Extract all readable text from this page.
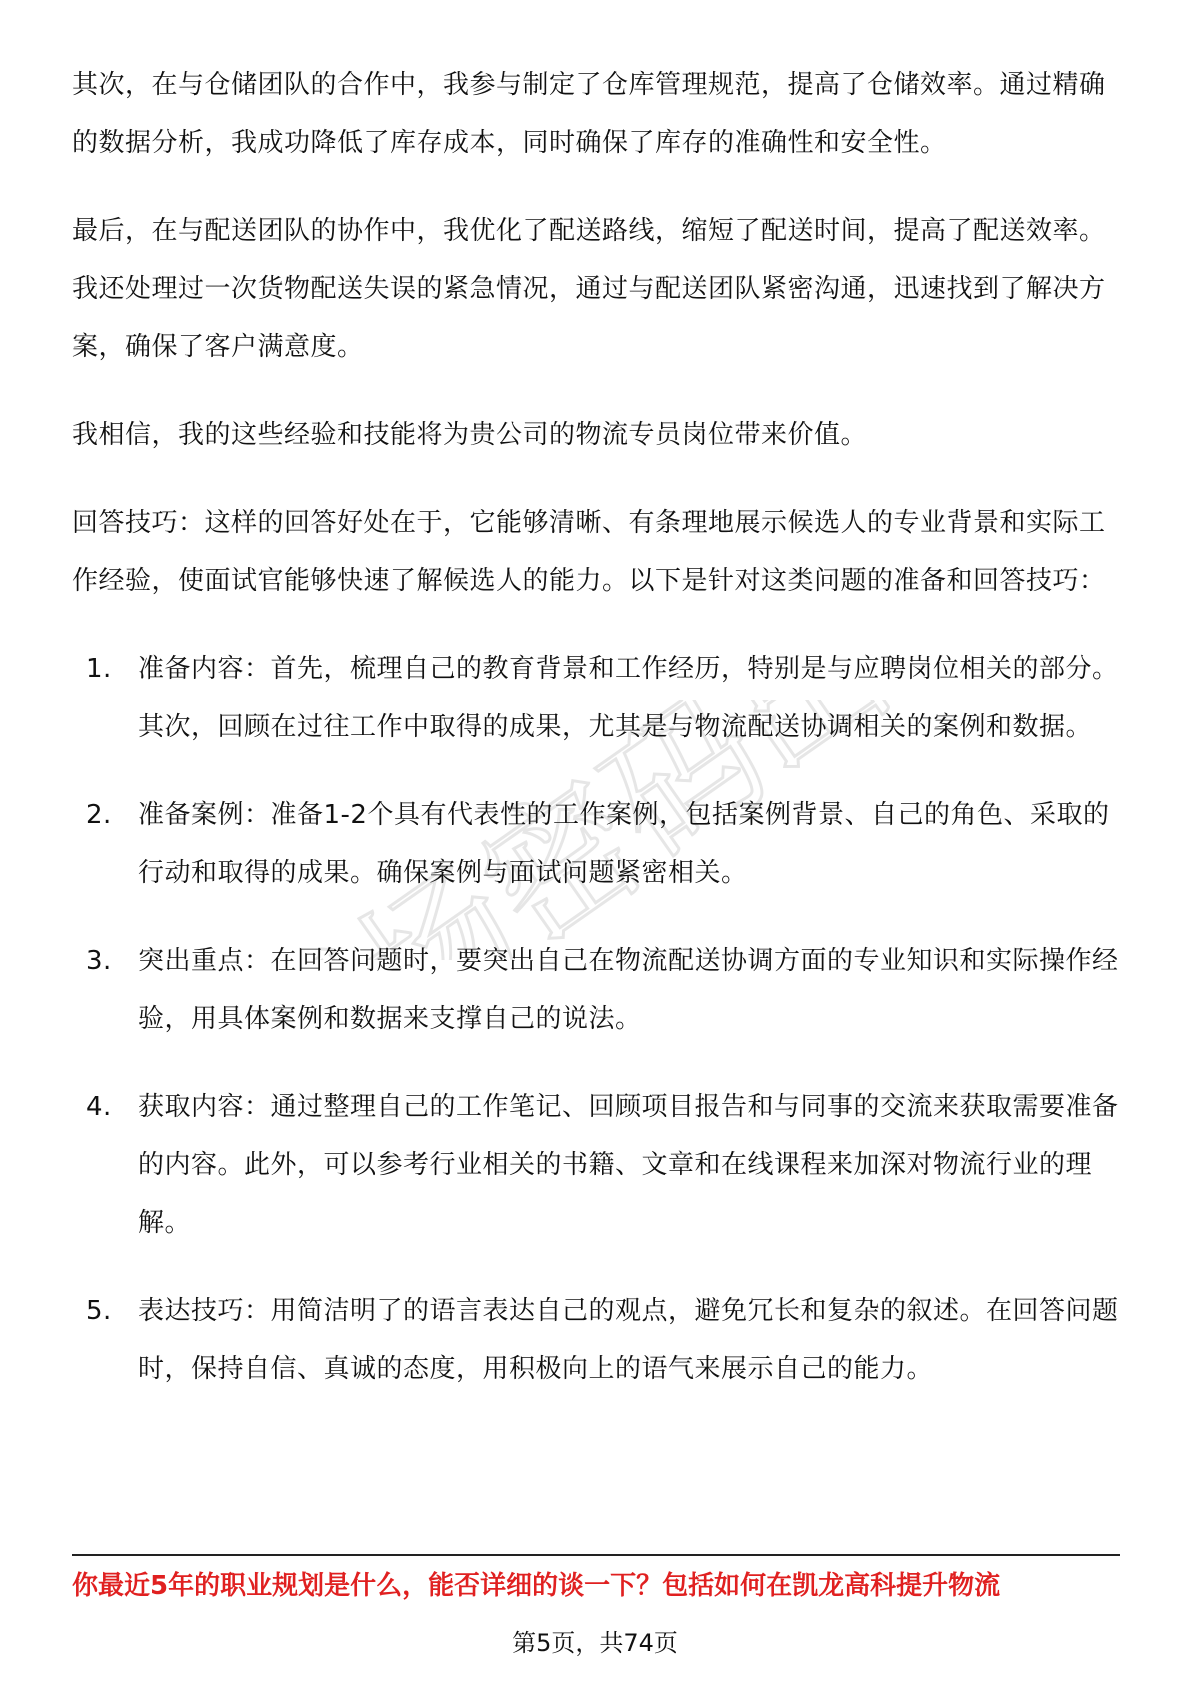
其次，在与仓储团队的合作中，我参与制定了仓库管理规范，提高了仓储效率。通过精确的数据分析，我成功降低了库存成本，同时确保了库存的准确性和安全性。

最后，在与配送团队的协作中，我优化了配送路线，缩短了配送时间，提高了配送效率。我还处理过一次货物配送失误的紧急情况，通过与配送团队紧密沟通，迅速找到了解决方案，确保了客户满意度。

我相信，我的这些经验和技能将为贵公司的物流专员岗位带来价值。

回答技巧：这样的回答好处在于，它能够清晰、有条理地展示候选人的专业背景和实际工作经验，使面试官能够快速了解候选人的能力。以下是针对这类问题的准备和回答技巧：

1.	准备内容：首先，梳理自己的教育背景和工作经历，特别是与应聘岗位相关的部分。其次，回顾在过往工作中取得的成果，尤其是与物流配送协调相关的案例和数据。
2.	准备案例：准备1-2个具有代表性的工作案例，包括案例背景、自己的角色、采取的行动和取得的成果。确保案例与面试问题紧密相关。
3.	突出重点：在回答问题时，要突出自己在物流配送协调方面的专业知识和实际操作经验，用具体案例和数据来支撑自己的说法。
4.	获取内容：通过整理自己的工作笔记、回顾项目报告和与同事的交流来获取需要准备的内容。此外，可以参考行业相关的书籍、文章和在线课程来加深对物流行业的理解。
5.	表达技巧：用简洁明了的语言表达自己的观点，避免冗长和复杂的叙述。在回答问题时，保持自信、真诚的态度，用积极向上的语气来展示自己的能力。
你最近5年的职业规划是什么，能否详细的谈一下？包括如何在凯龙高科提升物流
第5页，共74页
